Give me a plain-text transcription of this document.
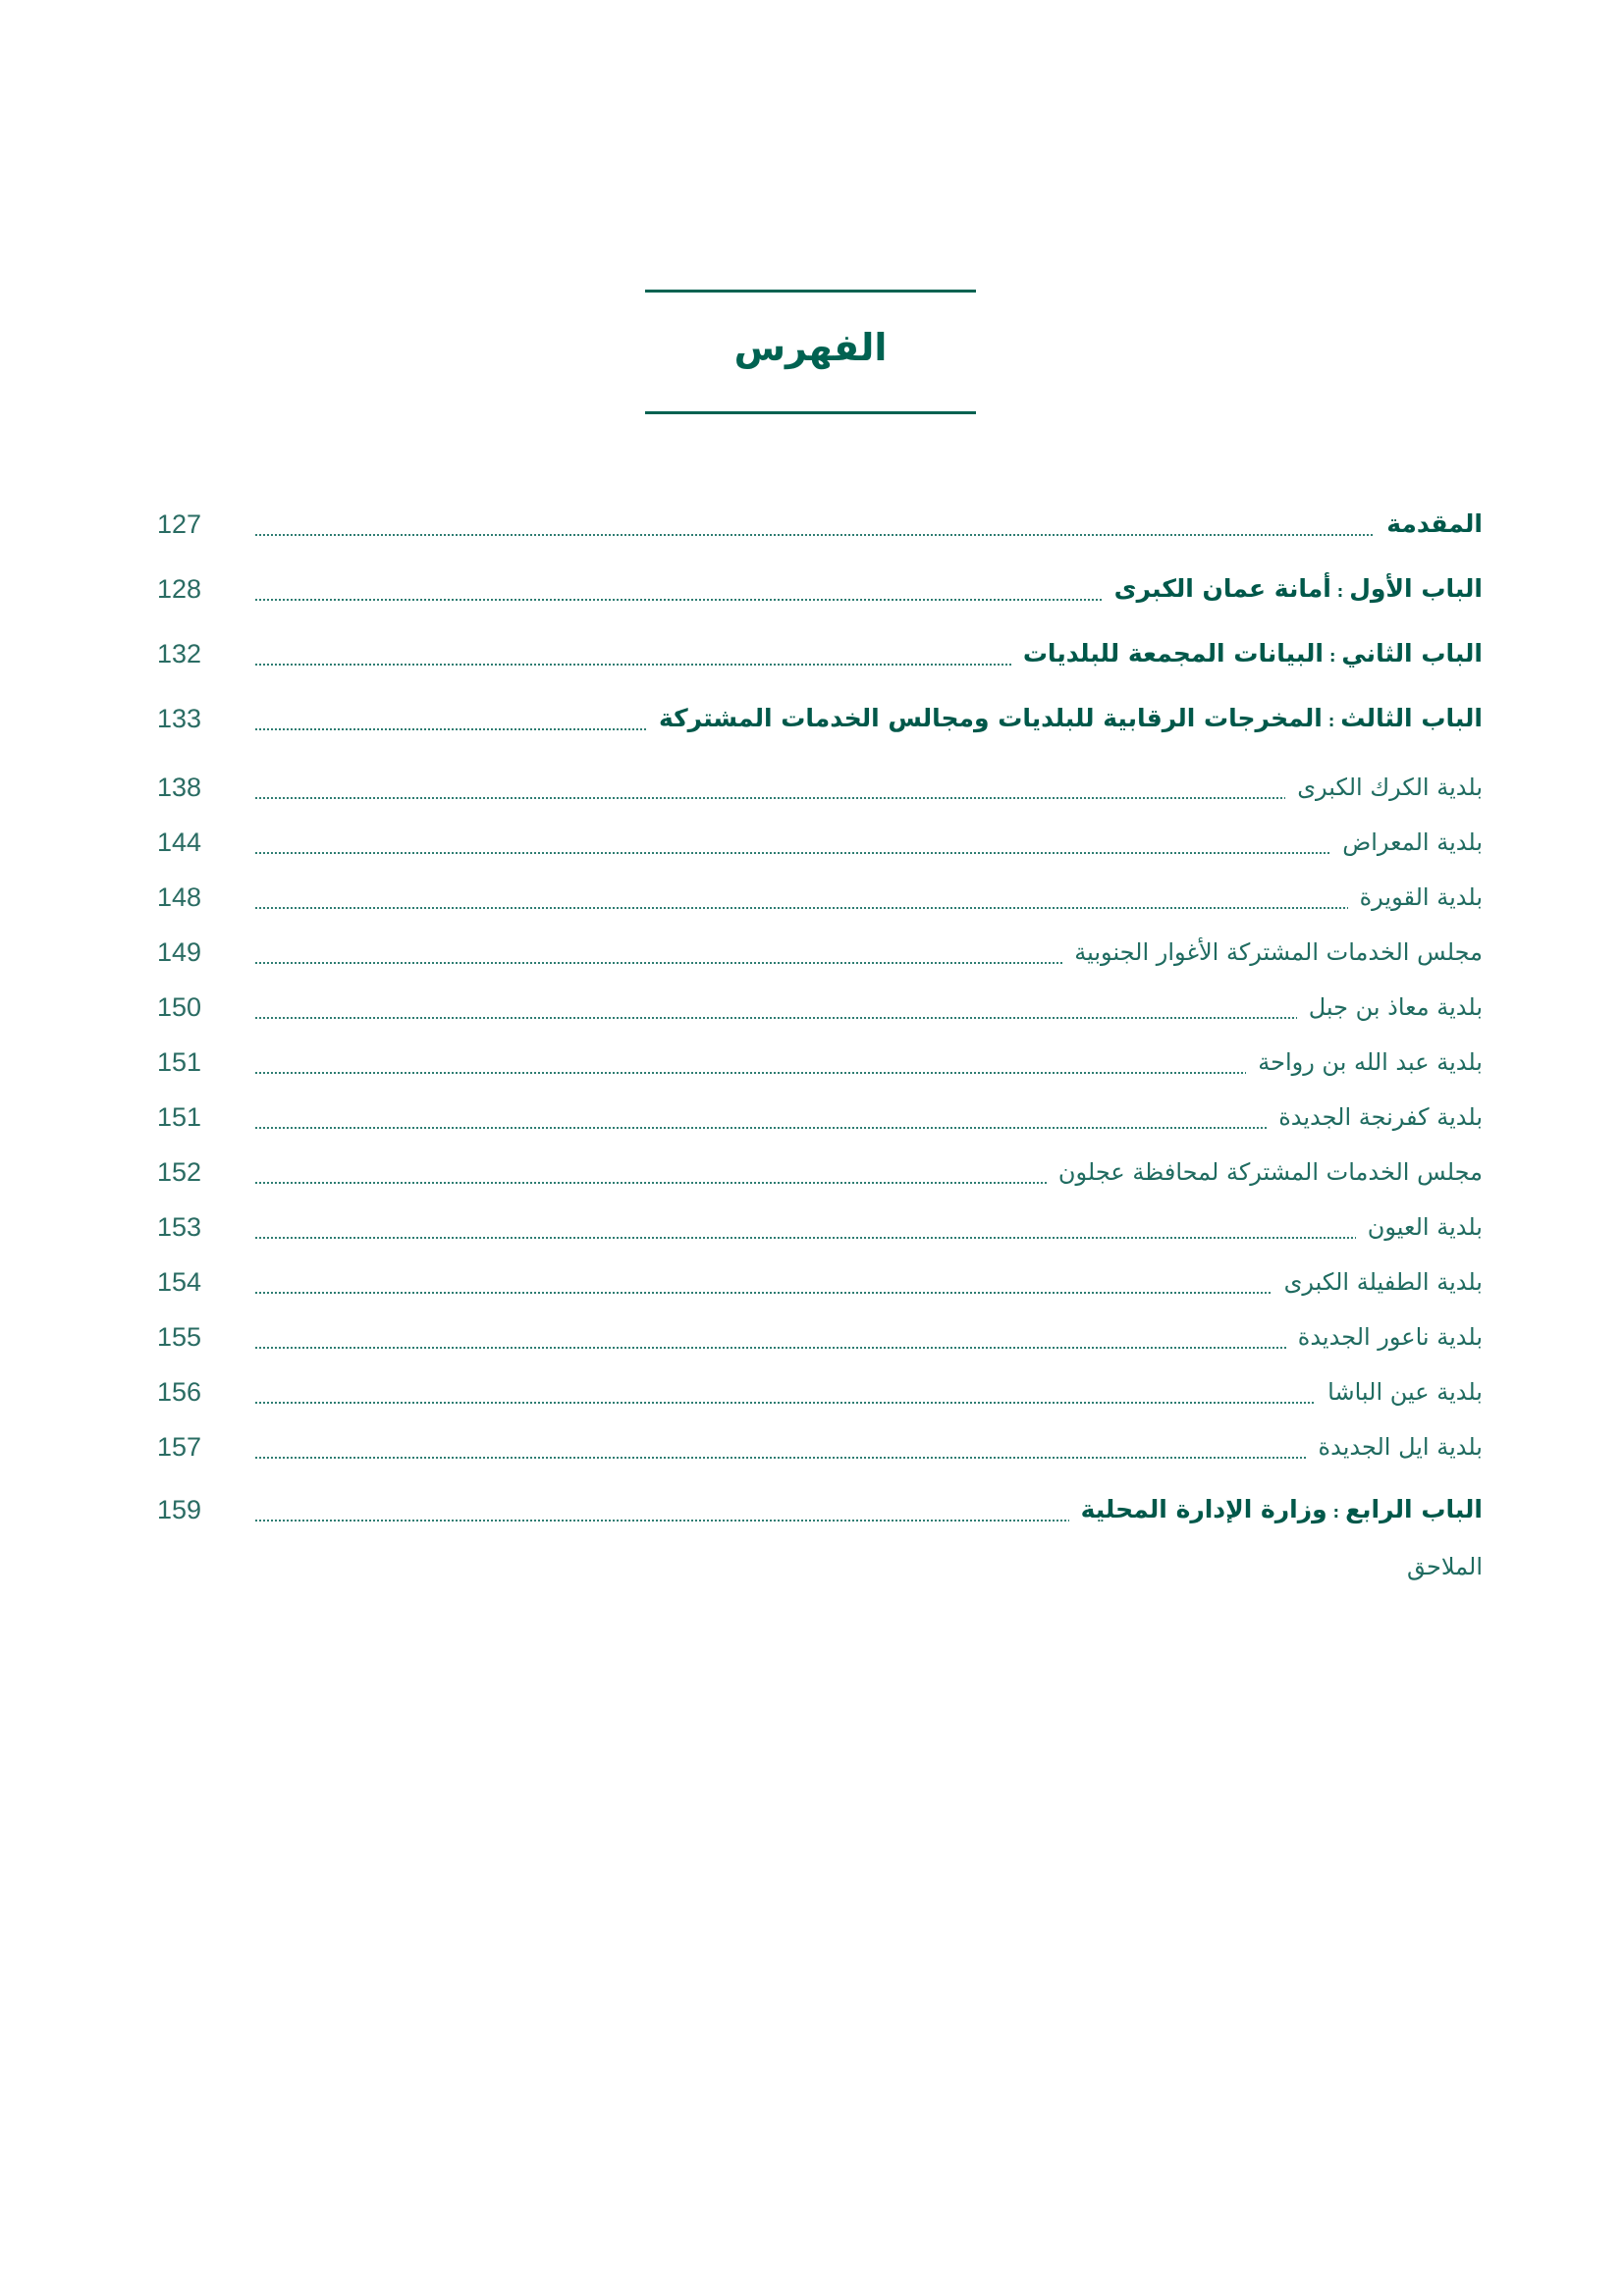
الفهرس
127	المقدمة
128	الباب الأول:أمانة عمان الكبرى
132	الباب الثاني:البيانات المجمعة للبلديات
133	الباب الثالث:المخرجات الرقابية للبلديات ومجالس الخدمات المشتركة
138	بلدية الكرك الكبرى
144	بلدية المعراض
148	بلدية القويرة
149	مجلس الخدمات المشتركة الأغوار الجنوبية
150	بلدية معاذ بن جبل
151	بلدية عبد الله بن رواحة
151	بلدية كفرنجة الجديدة
152	مجلس الخدمات المشتركة لمحافظة عجلون
153	بلدية العيون
154	بلدية الطفيلة الكبرى
155	بلدية ناعور الجديدة
156	بلدية عين الباشا
157	بلدية ايل الجديدة
159	الباب الرابع:وزارة الإدارة المحلية
الملاحق
